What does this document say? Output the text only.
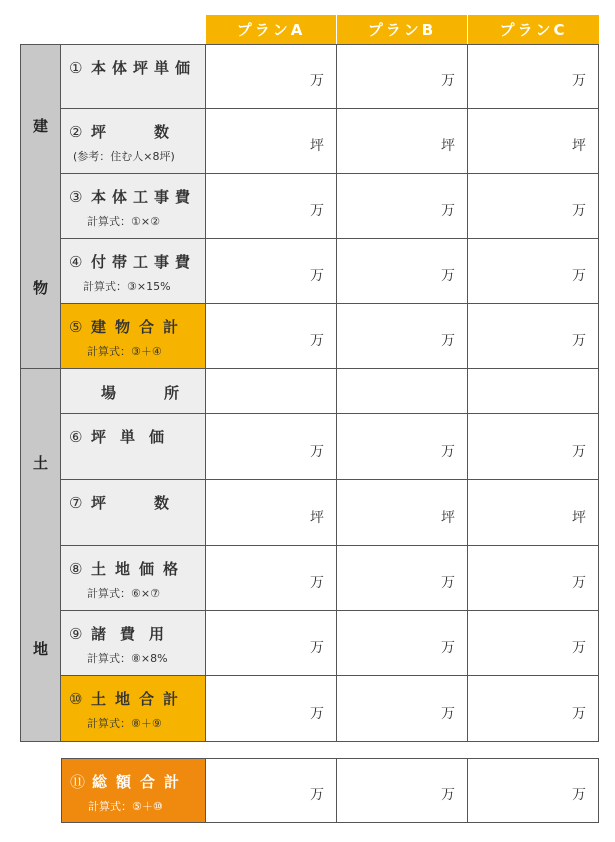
プランA	プランB	プランC
建
物
土
地
① 本体坪単価
万	万	万
② 坪　　数
(参考：住む人×8坪)
坪	坪	坪
③ 本体工事費
計算式：①×②
万	万	万
④ 付帯工事費
計算式：③×15%
万	万	万
⑤ 建物合計
計算式：③＋④
万	万	万
場　　所
⑥ 坪単価
万	万	万
⑦ 坪　　数
坪	坪	坪
⑧ 土地価格
計算式：⑥×⑦
万	万	万
⑨ 諸費用
計算式：⑧×8%
万	万	万
⑩ 土地合計
計算式：⑧＋⑨
万	万	万
⑪ 総額合計
計算式：⑤＋⑩
万	万	万
